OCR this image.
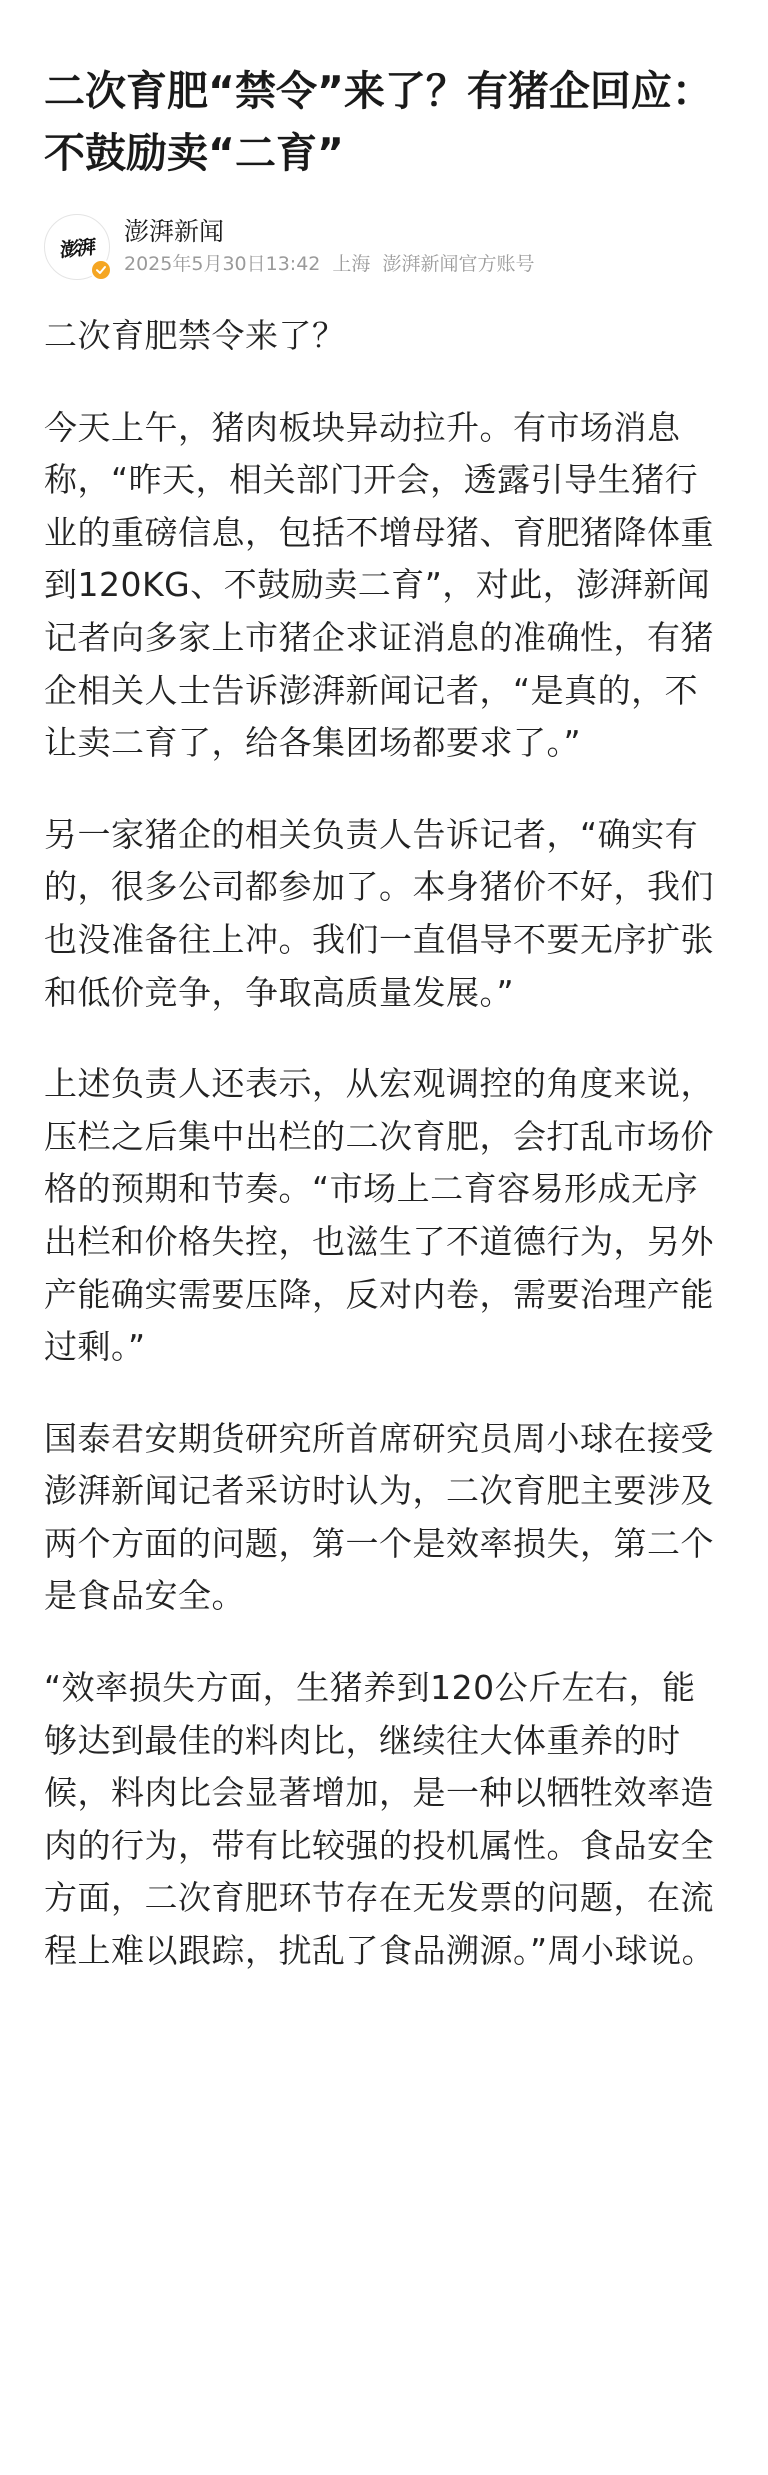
二次育肥“禁令”来了？有猪企回应：不鼓励卖“二育”
澎湃
澎湃新闻
2025年5月30日13:42 上海 澎湃新闻官方账号

二次育肥禁令来了？

今天上午，猪肉板块异动拉升。有市场消息称，“昨天，相关部门开会，透露引导生猪行业的重磅信息，包括不增母猪、育肥猪降体重到120KG、不鼓励卖二育”，对此，澎湃新闻记者向多家上市猪企求证消息的准确性，有猪企相关人士告诉澎湃新闻记者，“是真的，不让卖二育了，给各集团场都要求了。”

另一家猪企的相关负责人告诉记者，“确实有的，很多公司都参加了。本身猪价不好，我们也没准备往上冲。我们一直倡导不要无序扩张和低价竞争，争取高质量发展。”

上述负责人还表示，从宏观调控的角度来说，压栏之后集中出栏的二次育肥，会打乱市场价格的预期和节奏。“市场上二育容易形成无序出栏和价格失控，也滋生了不道德行为，另外产能确实需要压降，反对内卷，需要治理产能过剩。”

国泰君安期货研究所首席研究员周小球在接受澎湃新闻记者采访时认为，二次育肥主要涉及两个方面的问题，第一个是效率损失，第二个是食品安全。

“效率损失方面，生猪养到120公斤左右，能够达到最佳的料肉比，继续往大体重养的时候，料肉比会显著增加，是一种以牺牲效率造肉的行为，带有比较强的投机属性。食品安全方面，二次育肥环节存在无发票的问题，在流程上难以跟踪，扰乱了食品溯源。”周小球说。
